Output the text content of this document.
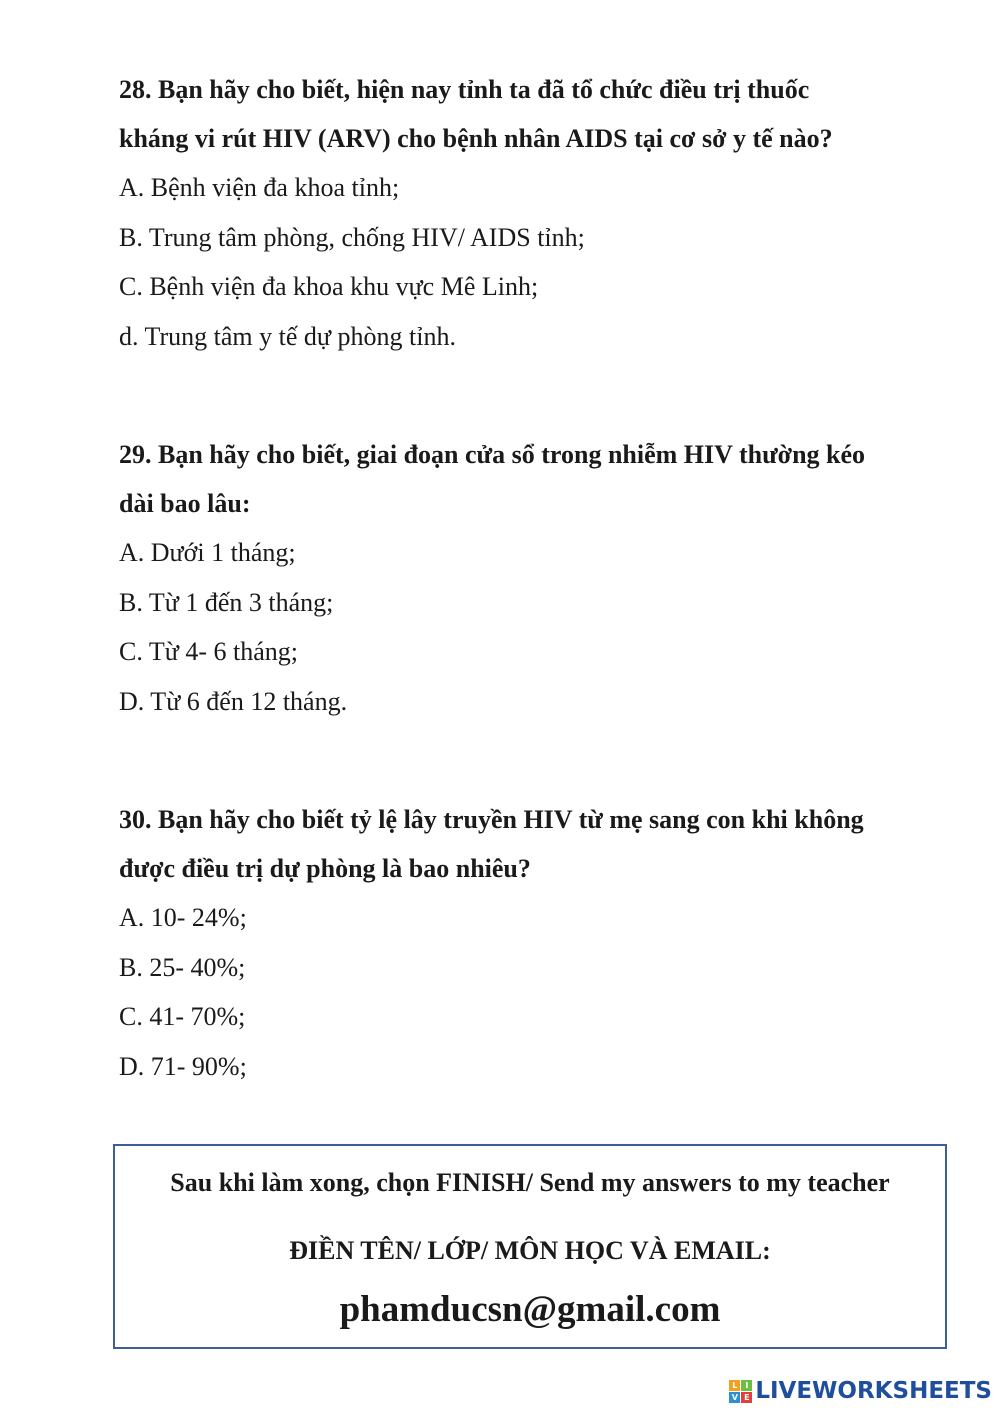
28. Bạn hãy cho biết, hiện nay tỉnh ta đã tổ chức điều trị thuốc

kháng vi rút HIV (ARV) cho bệnh nhân AIDS tại cơ sở y tế nào?

A. Bệnh viện đa khoa tỉnh;

B. Trung tâm phòng, chống HIV/ AIDS tỉnh;

C. Bệnh viện đa khoa khu vực Mê Linh;

d. Trung tâm y tế dự phòng tỉnh.

29. Bạn hãy cho biết, giai đoạn cửa sổ trong nhiễm HIV thường kéo

dài bao lâu:

A. Dưới 1 tháng;

B. Từ 1 đến 3 tháng;

C. Từ 4- 6 tháng;

D. Từ 6 đến 12 tháng.

30. Bạn hãy cho biết tỷ lệ lây truyền HIV từ mẹ sang con khi không

được điều trị dự phòng là bao nhiêu?

A. 10- 24%;

B. 25- 40%;

C. 41- 70%;

D. 71- 90%;

Sau khi làm xong, chọn FINISH/ Send my answers to my teacher
ĐIỀN TÊN/ LỚP/ MÔN HỌC VÀ EMAIL:
phamducsn@gmail.com
L I
V E LIVEWORKSHEETS
